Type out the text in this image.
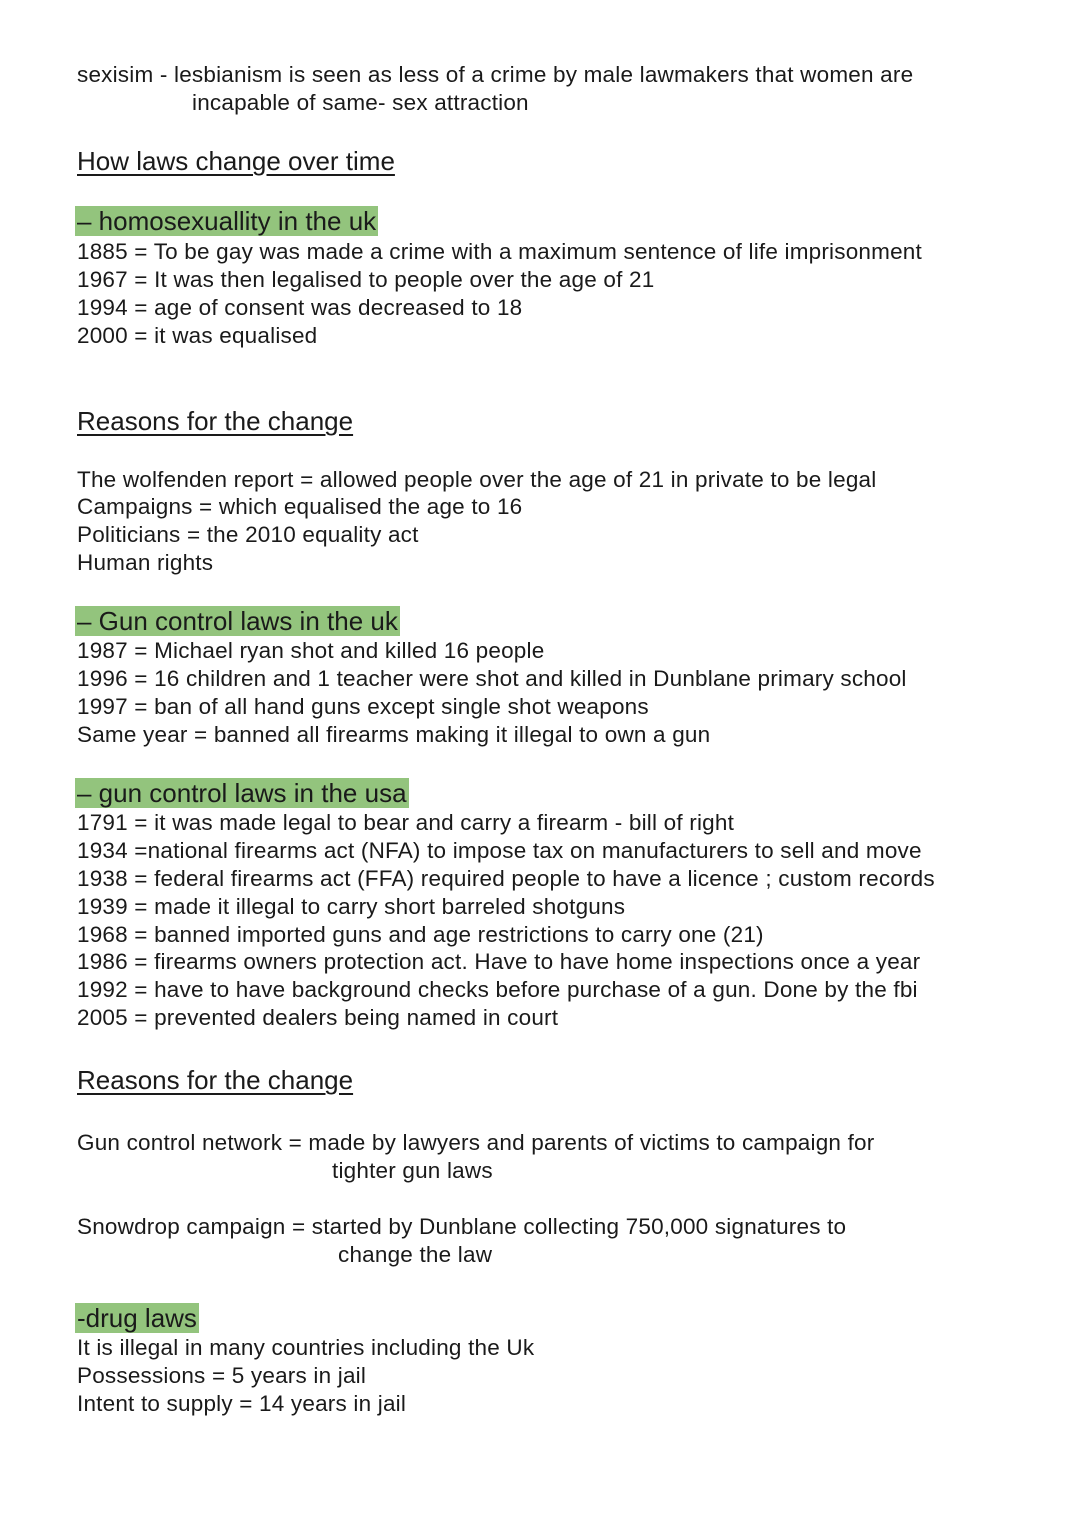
sexisim - lesbianism is seen as less of a crime by male lawmakers that women are
incapable of same- sex attraction
How laws change over time
– homosexuallity in the uk
1885 = To be gay was made a crime with a maximum sentence of life imprisonment
1967 = It was then legalised to people over the age of 21
1994 = age of consent was decreased to 18
2000 = it was equalised
Reasons for the change
The wolfenden report = allowed people over the age of 21 in private to be legal
Campaigns = which equalised the age to 16
Politicians = the 2010 equality act
Human rights
– Gun control laws in the uk
1987 = Michael ryan shot and killed 16 people
1996 = 16 children and 1 teacher were shot and killed in Dunblane primary school
1997 = ban of all hand guns except single shot weapons
Same year = banned all firearms making it illegal to own a gun
– gun control laws in the usa
1791 = it was made legal to bear and carry a firearm - bill of right
1934 =national firearms act (NFA) to impose tax on manufacturers to sell and move
1938 = federal firearms act (FFA) required people to have a licence ; custom records
1939 = made it illegal to carry short barreled shotguns
1968 = banned imported guns and age restrictions to carry one (21)
1986 = firearms owners protection act. Have to have home inspections once a year
1992 = have to have background checks before purchase of a gun. Done by the fbi
2005 = prevented dealers being named in court
Reasons for the change
Gun control network = made by lawyers and parents of victims to campaign for
tighter gun laws
Snowdrop campaign = started by Dunblane collecting 750,000 signatures to
change the law
-drug laws
It is illegal in many countries including the Uk
Possessions = 5 years in jail
Intent to supply = 14 years in jail
